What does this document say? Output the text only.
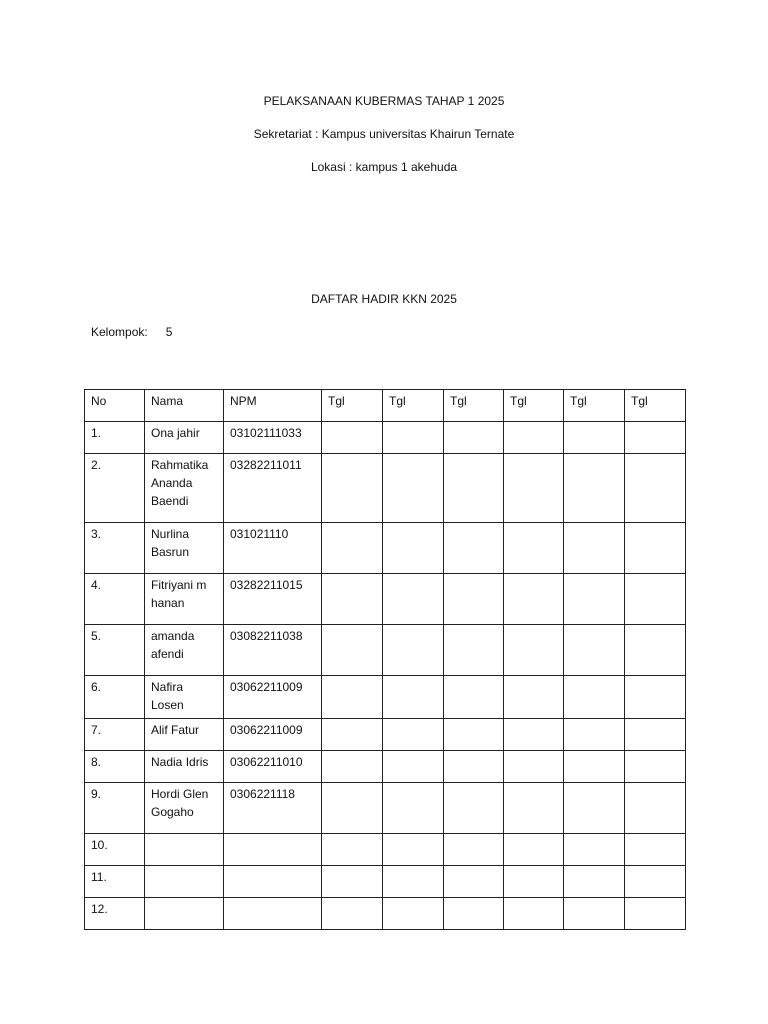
PELAKSANAAN KUBERMAS TAHAP 1 2025
Sekretariat : Kampus universitas Khairun Ternate
Lokasi : kampus 1 akehuda
DAFTAR HADIR KKN 2025
Kelompok: 5
No	Nama	NPM	Tgl	Tgl	Tgl	Tgl	Tgl	Tgl
1.	Ona jahir	03102111033						
2.	Rahmatika Ananda Baendi	03282211011						
3.	Nurlina Basrun	031021110						
4.	Fitriyani m hanan	03282211015						
5.	amanda afendi	03082211038						
6.	Nafira Losen	03062211009						
7.	Alif Fatur	03062211009						
8.	Nadia Idris	03062211010						
9.	Hordi Glen Gogaho	0306221118						
10.								
11.								
12.								
